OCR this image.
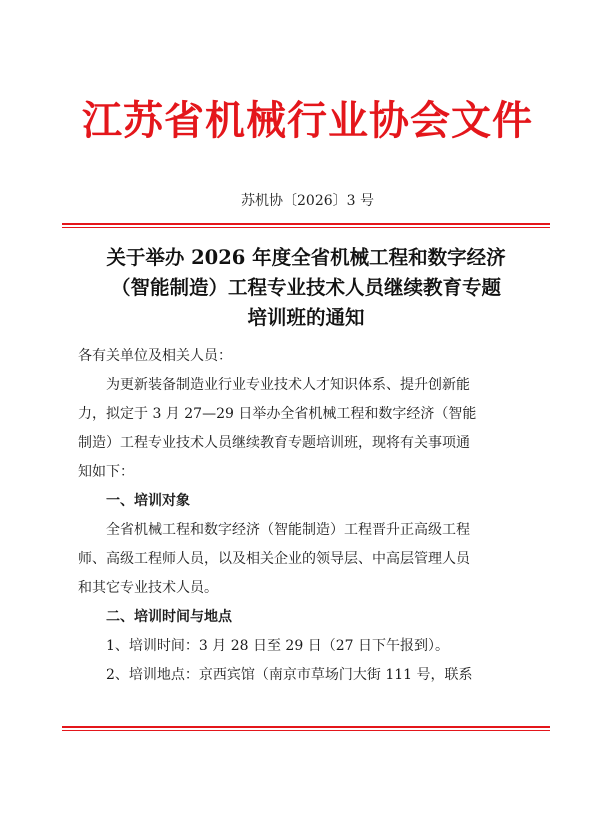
江苏省机械行业协会文件
苏机协〔2026〕3 号
关于举办 2026 年度全省机械工程和数字经济
（智能制造）工程专业技术人员继续教育专题
培训班的通知
各有关单位及相关人员：
为更新装备制造业行业专业技术人才知识体系、提升创新能
力，拟定于 3 月 27—29 日举办全省机械工程和数字经济（智能
制造）工程专业技术人员继续教育专题培训班，现将有关事项通
知如下：
一、培训对象
全省机械工程和数字经济（智能制造）工程晋升正高级工程
师、高级工程师人员，以及相关企业的领导层、中高层管理人员
和其它专业技术人员。
二、培训时间与地点
1、培训时间：3 月 28 日至 29 日（27 日下午报到）。
2、培训地点：京西宾馆（南京市草场门大街 111 号，联系
